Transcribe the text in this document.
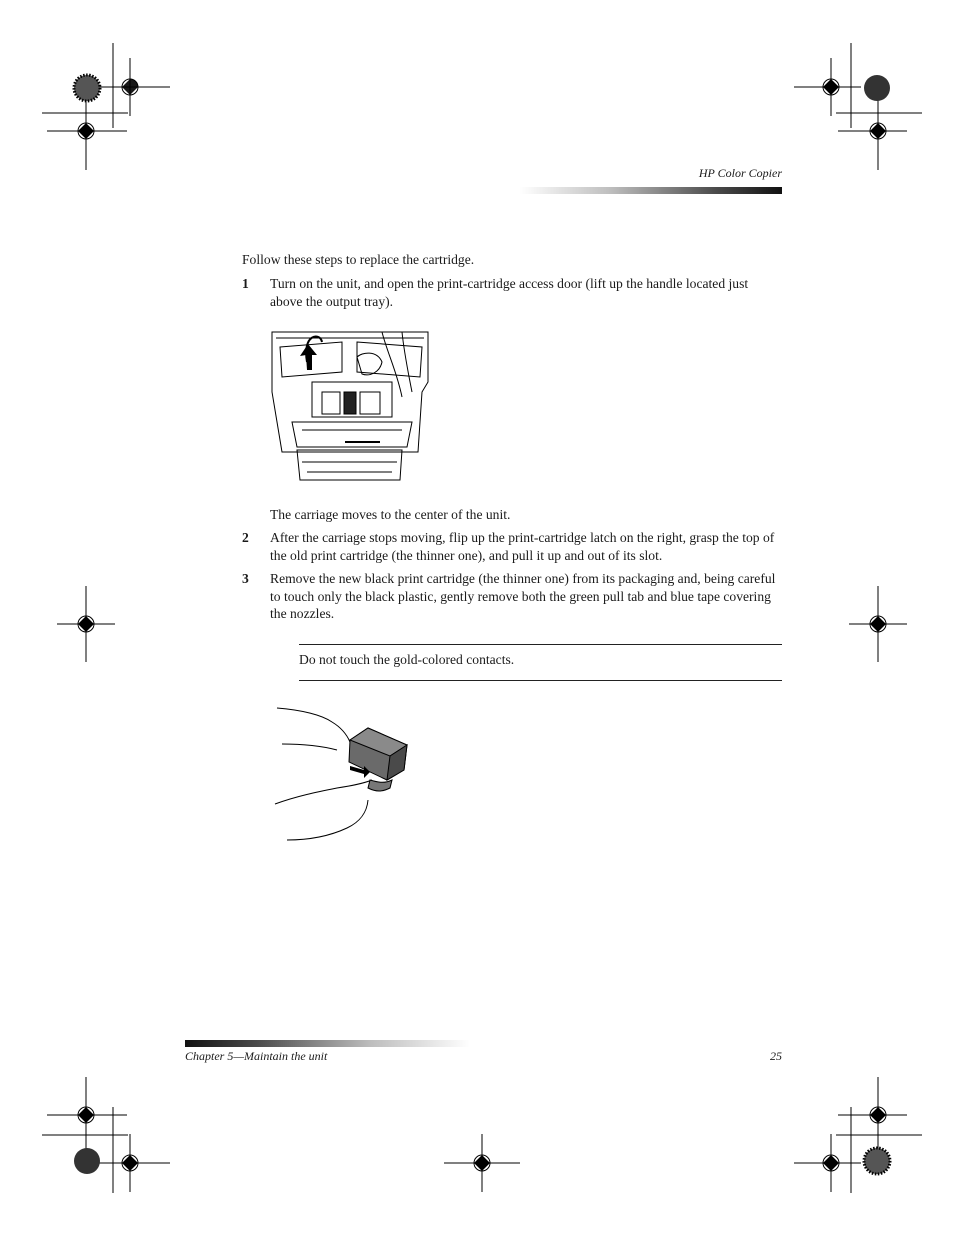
HP Color Copier
Follow these steps to replace the cartridge.
1 Turn on the unit, and open the print-cartridge access door (lift up the handle located just above the output tray).
The carriage moves to the center of the unit.
2 After the carriage stops moving, flip up the print-cartridge latch on the right, grasp the top of the old print cartridge (the thinner one), and pull it up and out of its slot.
3 Remove the new black print cartridge (the thinner one) from its packaging and, being careful to touch only the black plastic, gently remove both the green pull tab and blue tape covering the nozzles.
Do not touch the gold-colored contacts.
Chapter 5—Maintain the unit	25
